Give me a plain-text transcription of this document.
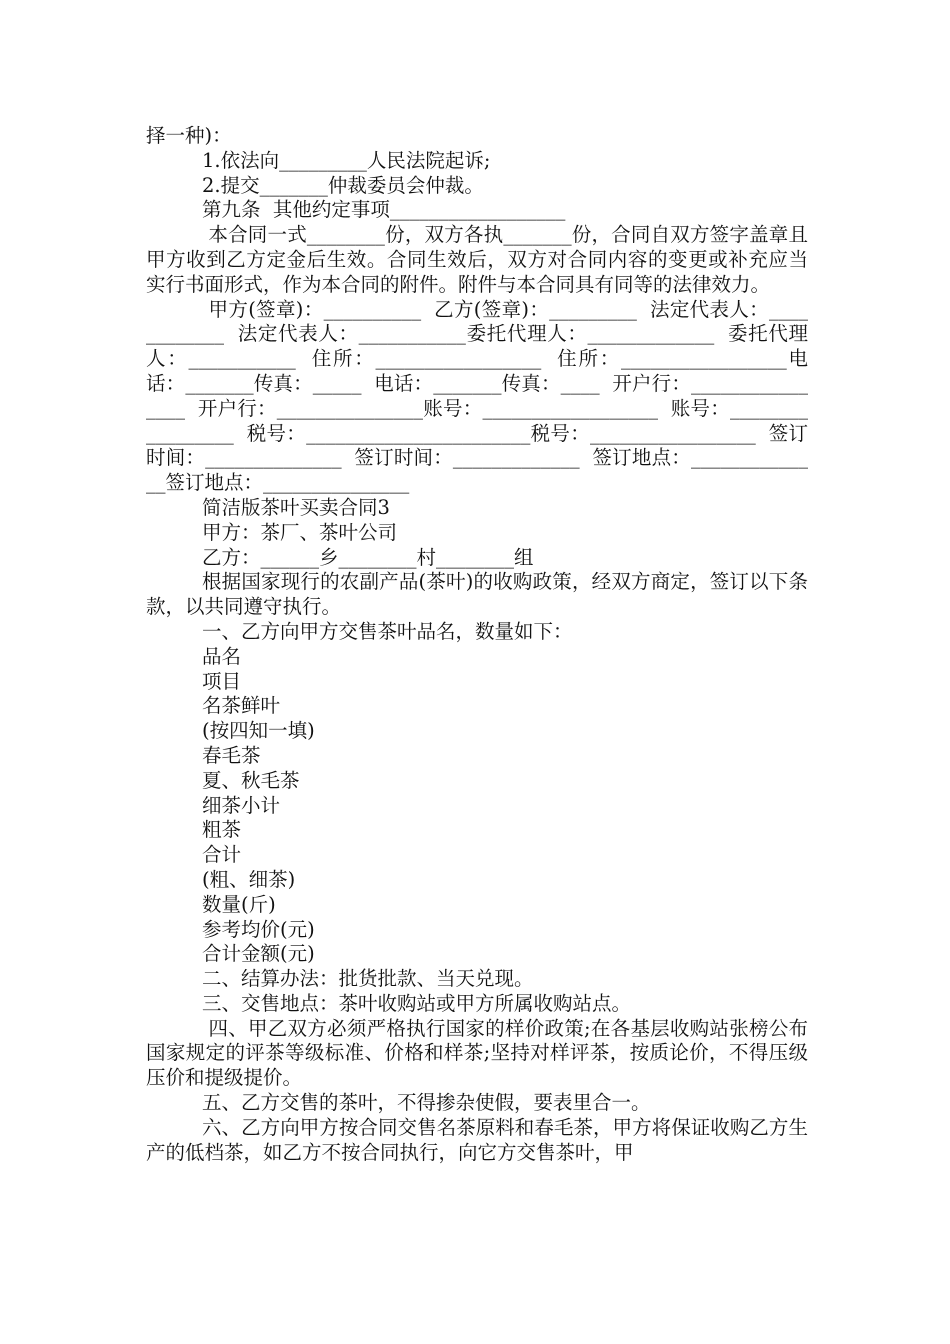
择一种)：

1.依法向_________人民法院起诉;

2.提交_______仲裁委员会仲裁。

第九条  其他约定事项__________________

本合同一式________份，双方各执_______份，合同自双方签字盖章且甲方收到乙方定金后生效。合同生效后，双方对合同内容的变更或补充应当实行书面形式，作为本合同的附件。附件与本合同具有同等的法律效力。

甲方(签章)：__________  乙方(签章)：_________  法定代表人：____________  法定代表人：___________委托代理人：_____________  委托代理人：___________  住所：_________________  住所：_________________电话：_______传真：_____  电话：_______传真：____  开户行：________________  开户行：_______________账号：__________________  账号：_________________  税号：_______________________税号：_________________  签订时间：______________  签订时间：_____________  签订地点：______________签订地点：_______________

简洁版茶叶买卖合同3

甲方：茶厂、茶叶公司

乙方：______乡________村________组

根据国家现行的农副产品(茶叶)的收购政策，经双方商定，签订以下条款，以共同遵守执行。

一、乙方向甲方交售茶叶品名，数量如下：

品名

项目

名茶鲜叶

(按四知一填)

春毛茶

夏、秋毛茶

细茶小计

粗茶

合计

(粗、细茶)

数量(斤)

参考均价(元)

合计金额(元)

二、结算办法：批货批款、当天兑现。

三、交售地点：茶叶收购站或甲方所属收购站点。

四、甲乙双方必须严格执行国家的样价政策;在各基层收购站张榜公布国家规定的评茶等级标准、价格和样茶;坚持对样评茶，按质论价，不得压级压价和提级提价。

五、乙方交售的茶叶，不得掺杂使假，要表里合一。

六、乙方向甲方按合同交售名茶原料和春毛茶，甲方将保证收购乙方生产的低档茶，如乙方不按合同执行，向它方交售茶叶，甲
